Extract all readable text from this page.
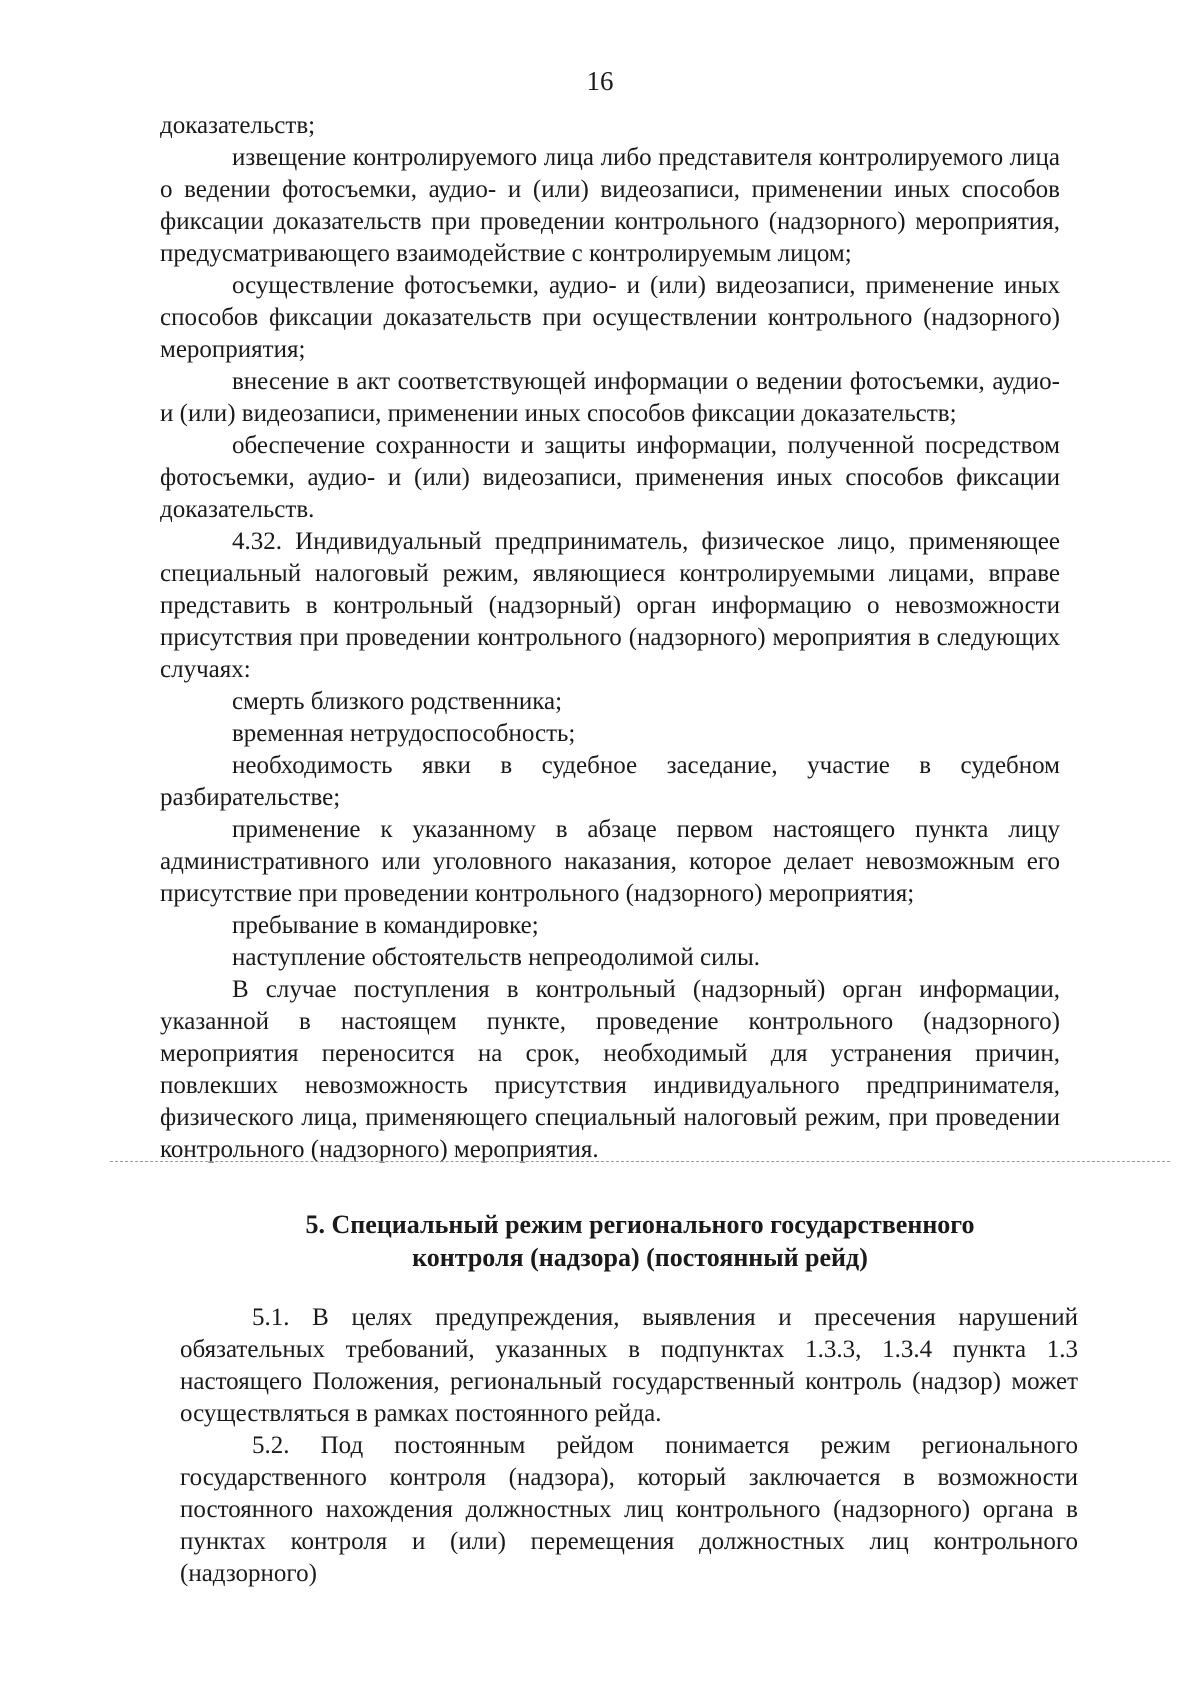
16

доказательств;

извещение контролируемого лица либо представителя контролируемого лица о ведении фотосъемки, аудио- и (или) видеозаписи, применении иных способов фиксации доказательств при проведении контрольного (надзорного) мероприятия, предусматривающего взаимодействие с контролируемым лицом;

осуществление фотосъемки, аудио- и (или) видеозаписи, применение иных способов фиксации доказательств при осуществлении контрольного (надзорного) мероприятия;

внесение в акт соответствующей информации о ведении фотосъемки, аудио- и (или) видеозаписи, применении иных способов фиксации доказательств;

обеспечение сохранности и защиты информации, полученной посредством фотосъемки, аудио- и (или) видеозаписи, применения иных способов фиксации доказательств.

4.32. Индивидуальный предприниматель, физическое лицо, применяющее специальный налоговый режим, являющиеся контролируемыми лицами, вправе представить в контрольный (надзорный) орган информацию о невозможности присутствия при проведении контрольного (надзорного) мероприятия в следующих случаях:

смерть близкого родственника;

временная нетрудоспособность;

необходимость явки в судебное заседание, участие в судебном разбирательстве;

применение к указанному в абзаце первом настоящего пункта лицу административного или уголовного наказания, которое делает невозможным его присутствие при проведении контрольного (надзорного) мероприятия;

пребывание в командировке;

наступление обстоятельств непреодолимой силы.

В случае поступления в контрольный (надзорный) орган информации, указанной в настоящем пункте, проведение контрольного (надзорного) мероприятия переносится на срок, необходимый для устранения причин, повлекших невозможность присутствия индивидуального предпринимателя, физического лица, применяющего специальный налоговый режим, при проведении контрольного (надзорного) мероприятия.

5. Специальный режим регионального государственного
контроля (надзора) (постоянный рейд)

5.1. В целях предупреждения, выявления и пресечения нарушений обязательных требований, указанных в подпунктах 1.3.3, 1.3.4 пункта 1.3 настоящего Положения, региональный государственный контроль (надзор) может осуществляться в рамках постоянного рейда.

5.2. Под постоянным рейдом понимается режим регионального государственного контроля (надзора), который заключается в возможности постоянного нахождения должностных лиц контрольного (надзорного) органа в пунктах контроля и (или) перемещения должностных лиц контрольного (надзорного)
